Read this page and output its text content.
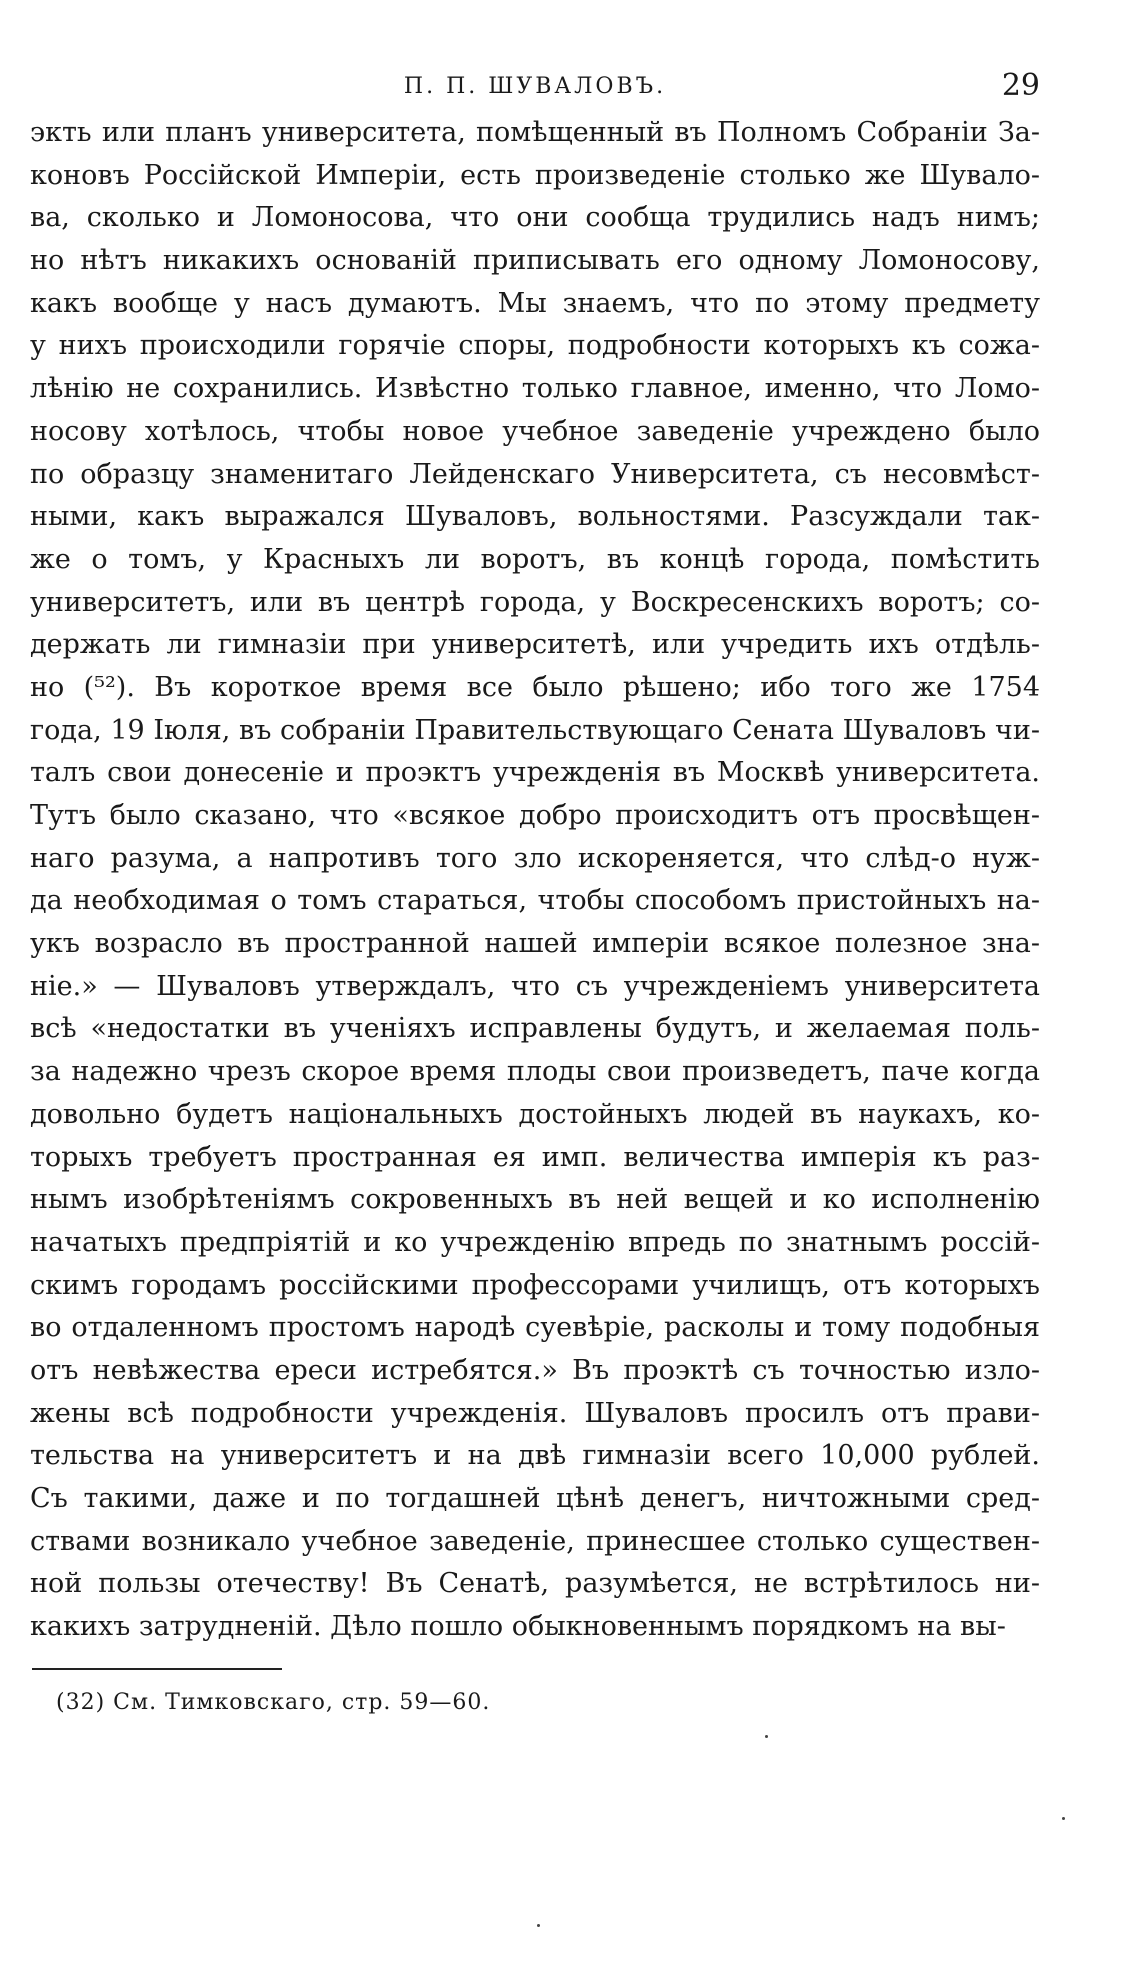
П. П. ШУВАЛОВЪ.	29
экть или планъ университета, помѣщенный въ Полномъ Собраніи За-
коновъ Россійской Имперіи, есть произведеніе столько же Шувало-
ва, сколько и Ломоносова, что они сообща трудились надъ нимъ;
но нѣтъ никакихъ основаній приписывать его одному Ломоносову,
какъ вообще у насъ думаютъ. Мы знаемъ, что по этому предмету
у нихъ происходили горячіе споры, подробности которыхъ къ сожа-
лѣнію не сохранились. Извѣстно только главное, именно, что Ломо-
носову хотѣлось, чтобы новое учебное заведеніе учреждено было
по образцу знаменитаго Лейденскаго Университета, съ несовмѣст-
ными, какъ выражался Шуваловъ, вольностями. Разсуждали так-
же о томъ, у Красныхъ ли воротъ, въ концѣ города, помѣстить
университетъ, или въ центрѣ города, у Воскресенскихъ воротъ; со-
держать ли гимназіи при университетѣ, или учредить ихъ отдѣль-
но (⁵²). Въ короткое время все было рѣшено; ибо того же 1754
года, 19 Іюля, въ собраніи Правительствующаго Сената Шуваловъ чи-
талъ свои донесеніе и проэктъ учрежденія въ Москвѣ университета.
Тутъ было сказано, что «всякое добро происходитъ отъ просвѣщен-
наго разума, а напротивъ того зло искореняется, что слѣд-о нуж-
да необходимая о томъ стараться, чтобы способомъ пристойныхъ на-
укъ возрасло въ пространной нашей имперіи всякое полезное зна-
ніе.» — Шуваловъ утверждалъ, что съ учрежденіемъ университета
всѣ «недостатки въ ученіяхъ исправлены будутъ, и желаемая поль-
за надежно чрезъ скорое время плоды свои произведетъ, паче когда
довольно будетъ національныхъ достойныхъ людей въ наукахъ, ко-
торыхъ требуетъ пространная ея имп. величества имперія къ раз-
нымъ изобрѣтеніямъ сокровенныхъ въ ней вещей и ко исполненію
начатыхъ предпріятій и ко учрежденію впредь по знатнымъ россій-
скимъ городамъ россійскими профессорами училищъ, отъ которыхъ
во отдаленномъ простомъ народѣ суевѣріе, расколы и тому подобныя
отъ невѣжества ереси истребятся.» Въ проэктѣ съ точностью изло-
жены всѣ подробности учрежденія. Шуваловъ просилъ отъ прави-
тельства на университетъ и на двѣ гимназіи всего 10,000 рублей.
Съ такими, даже и по тогдашней цѣнѣ денегъ, ничтожными сред-
ствами возникало учебное заведеніе, принесшее столько существен-
ной пользы отечеству! Въ Сенатѣ, разумѣется, не встрѣтилось ни-
какихъ затрудненій. Дѣло пошло обыкновеннымъ порядкомъ на вы-
(32) См. Тимковскаго, стр. 59—60.
